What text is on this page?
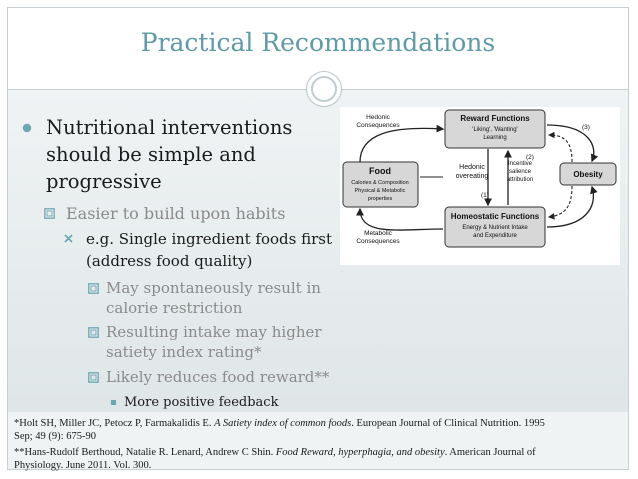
Practical Recommendations
Nutritional interventions
should be simple and
progressive
Easier to build upon habits
e.g. Single ingredient foods first
(address food quality)
May spontaneously result in
calorie restriction
Resulting intake may higher
satiety index rating*
Likely reduces food reward**
More positive feedback
Reward Functions
'Liking', 'Wanting'
Learning
Homeostatic Functions
Energy & Nutrient Intake
and Expenditure
Food
Calories & Composition
Physical & Metabolic
properties
Obesity
Hedonic
Consequences
Metabolic
Consequences
Hedonic
overeating
Incentive
salience
attribution
(1)
(2)
(3)
*Holt SH, Miller JC, Petocz P, Farmakalidis E. A Satiety index of common foods. European Journal of Clinical Nutrition. 1995
Sep; 49 (9): 675-90
**Hans-Rudolf Berthoud, Natalie R. Lenard, Andrew C Shin. Food Reward, hyperphagia, and obesity. American Journal of
Physiology. June 2011. Vol. 300.
